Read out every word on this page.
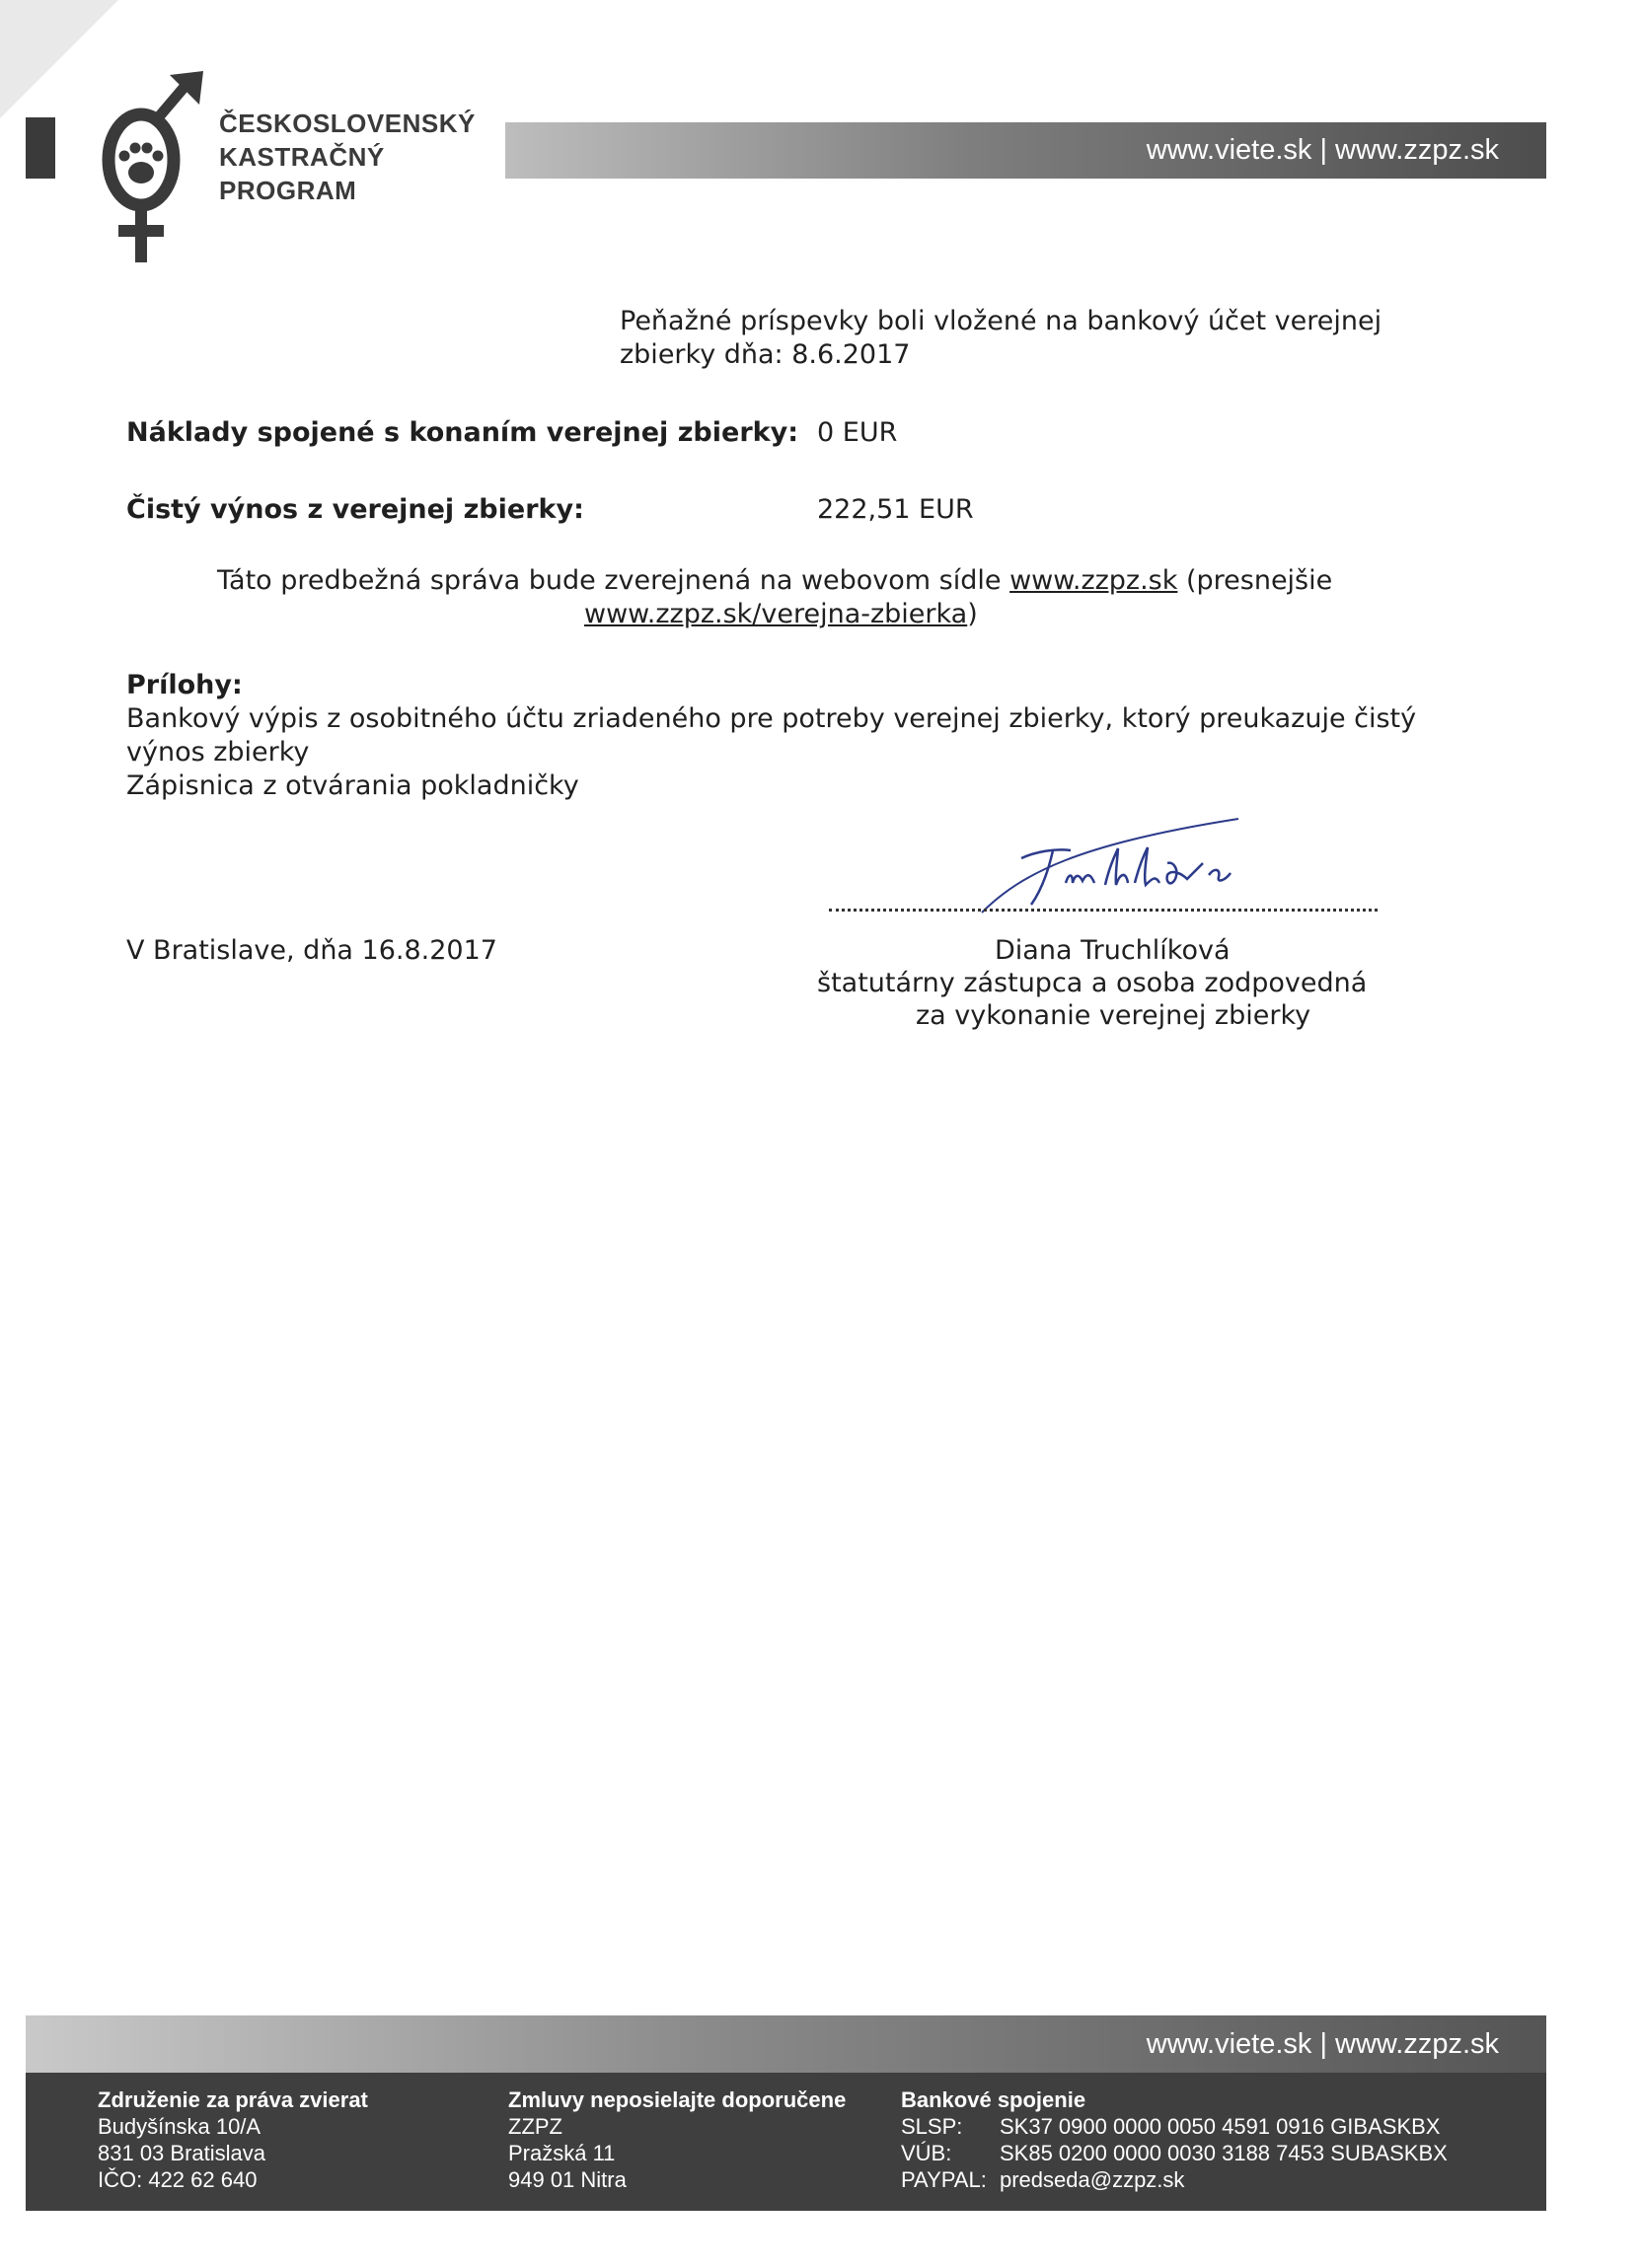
ČESKOSLOVENSKÝ
KASTRAČNÝ
PROGRAM
www.viete.sk | www.zzpz.sk
Peňažné príspevky boli vložené na bankový účet verejnej
zbierky dňa: 8.6.2017
Náklady spojené s konaním verejnej zbierky: 0 EUR
Čistý výnos z verejnej zbierky:	222,51 EUR
Táto predbežná správa bude zverejnená na webovom sídle www.zzpz.sk (presnejšie
www.zzpz.sk/verejna-zbierka)
Prílohy:
Bankový výpis z osobitného účtu zriadeného pre potreby verejnej zbierky, ktorý preukazuje čistý
výnos zbierky
Zápisnica z otvárania pokladničky
V Bratislave, dňa 16.8.2017	Diana Truchlíková
štatutárny zástupca a osoba zodpovedná
za vykonanie verejnej zbierky
www.viete.sk | www.zzpz.sk
Združenie za práva zvierat
Budyšínska 10/A
831 03 Bratislava
IČO: 422 62 640
Zmluvy neposielajte doporučene
ZZPZ
Pražská 11
949 01 Nitra
Bankové spojenie
SLSP:	SK37 0900 0000 0050 4591 0916 GIBASKBX
VÚB:	SK85 0200 0000 0030 3188 7453 SUBASKBX
PAYPAL: predseda@zzpz.sk
